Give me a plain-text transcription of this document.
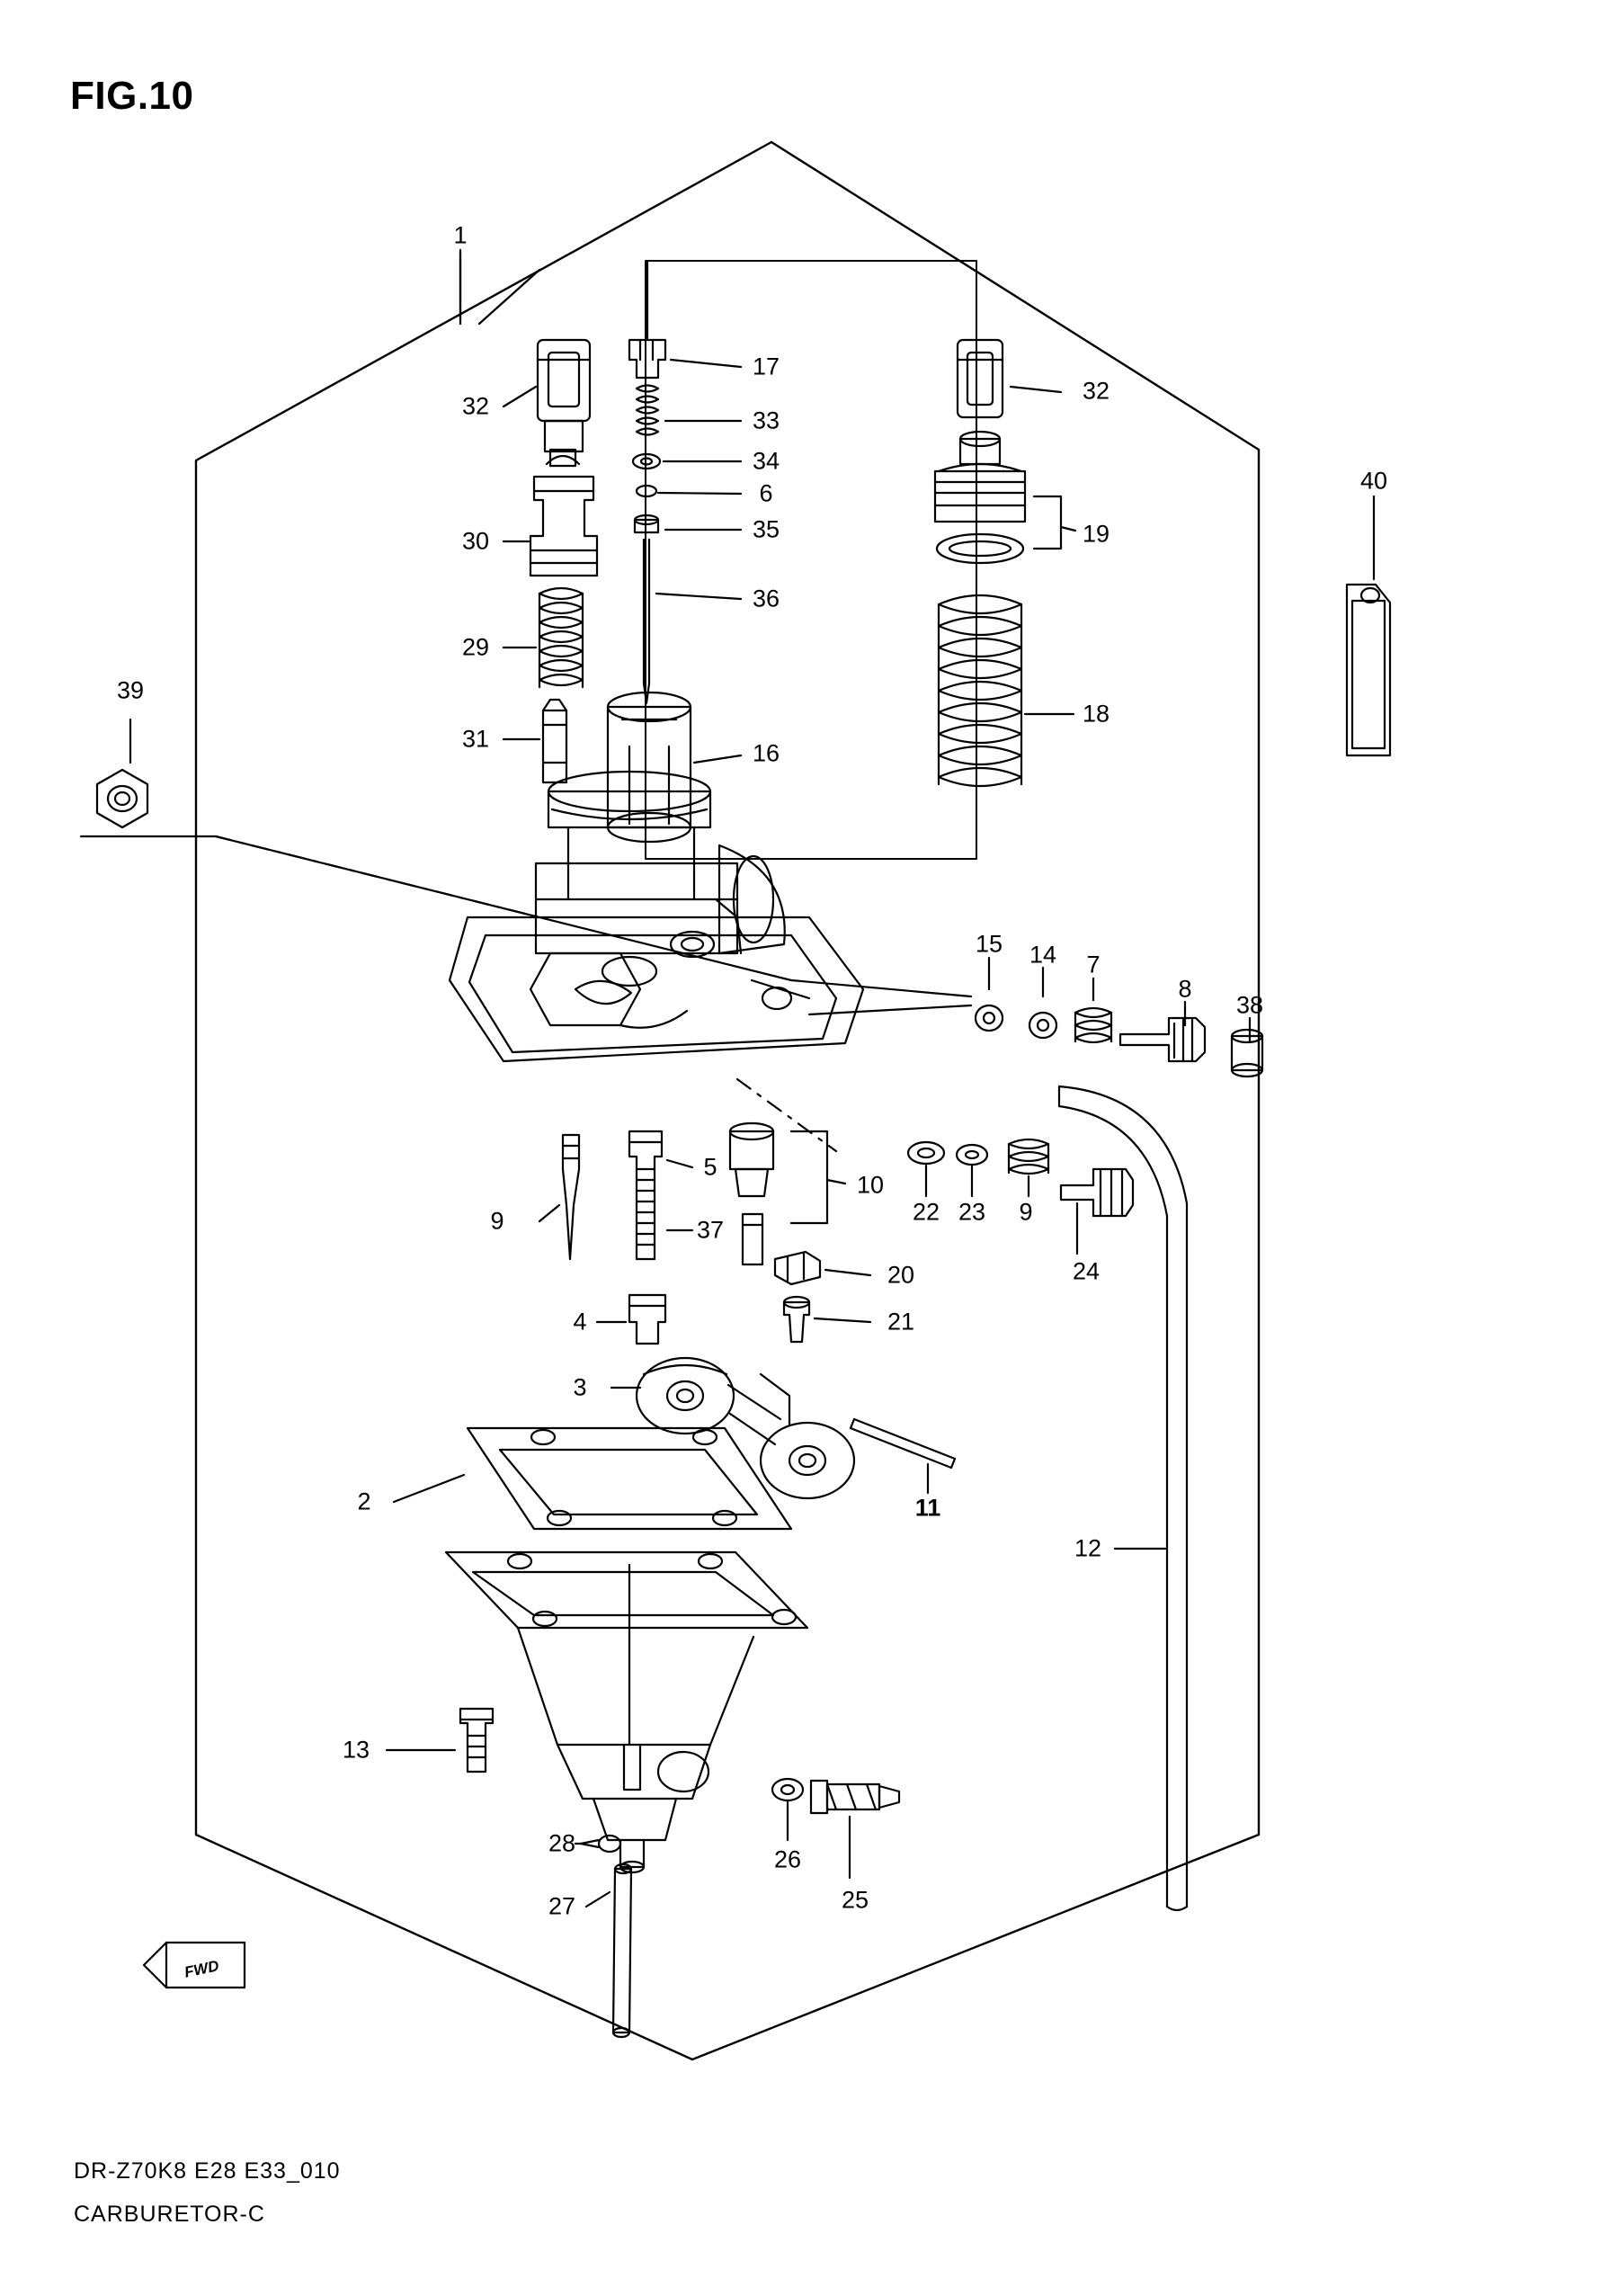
FIG.10
FWD
1
32
17
33
34
6
35
36
32
40
19
30
29
18
31
16
39
15 14 7
8
38
5
10
22 23 9
9	37
24
20
21
4
3
2	11
12
13
28
26
25
27
DR-Z70K8 E28 E33_010
CARBURETOR-C
